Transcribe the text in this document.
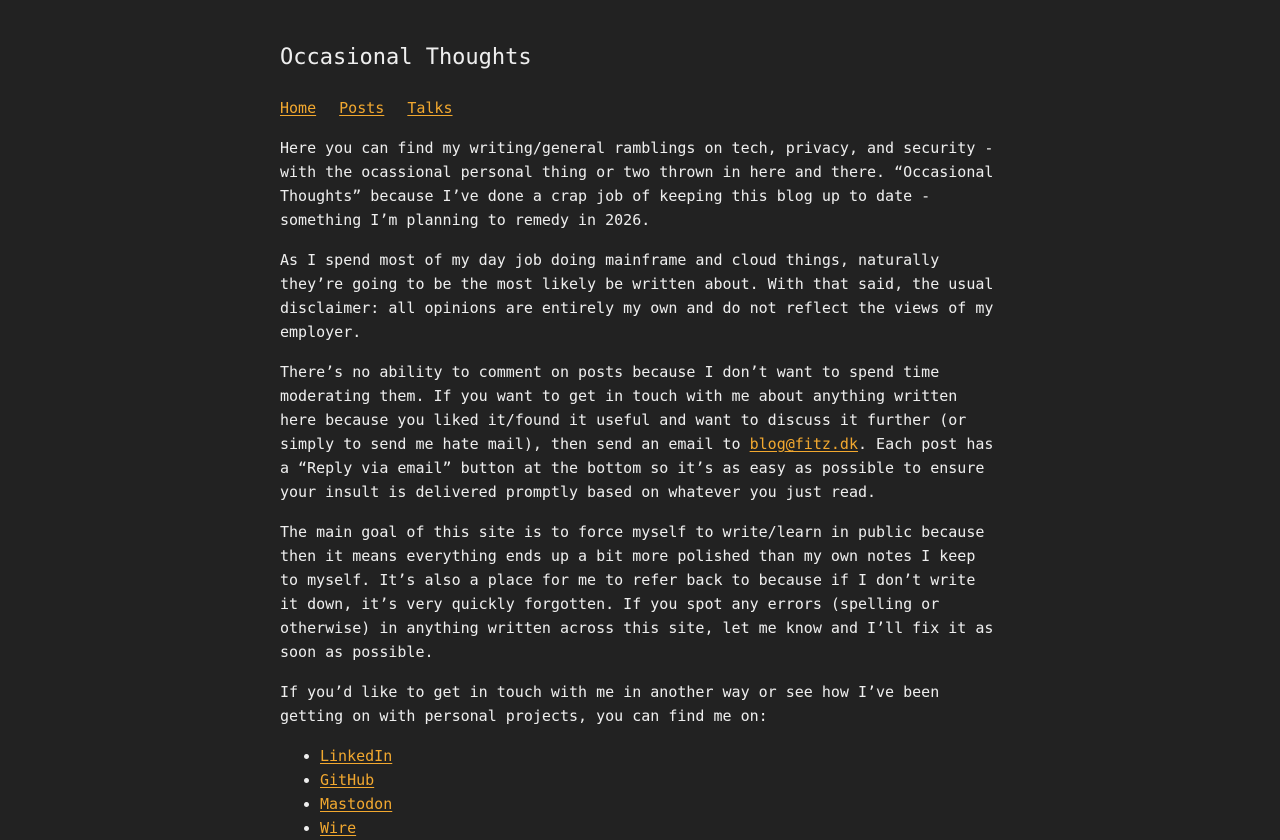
Occasional Thoughts
Home Posts Talks

Here you can find my writing/general ramblings on tech, privacy, and security - with the ocassional personal thing or two thrown in here and there. “Occasional Thoughts” because I’ve done a crap job of keeping this blog up to date - something I’m planning to remedy in 2026.

As I spend most of my day job doing mainframe and cloud things, naturally they’re going to be the most likely be written about. With that said, the usual disclaimer: all opinions are entirely my own and do not reflect the views of my employer.

There’s no ability to comment on posts because I don’t want to spend time moderating them. If you want to get in touch with me about anything written here because you liked it/found it useful and want to discuss it further (or simply to send me hate mail), then send an email to blog@fitz.dk. Each post has a “Reply via email” button at the bottom so it’s as easy as possible to ensure your insult is delivered promptly based on whatever you just read.

The main goal of this site is to force myself to write/learn in public because then it means everything ends up a bit more polished than my own notes I keep to myself. It’s also a place for me to refer back to because if I don’t write it down, it’s very quickly forgotten. If you spot any errors (spelling or otherwise) in anything written across this site, let me know and I’ll fix it as soon as possible.

If you’d like to get in touch with me in another way or see how I’ve been getting on with personal projects, you can find me on:

• LinkedIn
• GitHub
• Mastodon
• Wire
